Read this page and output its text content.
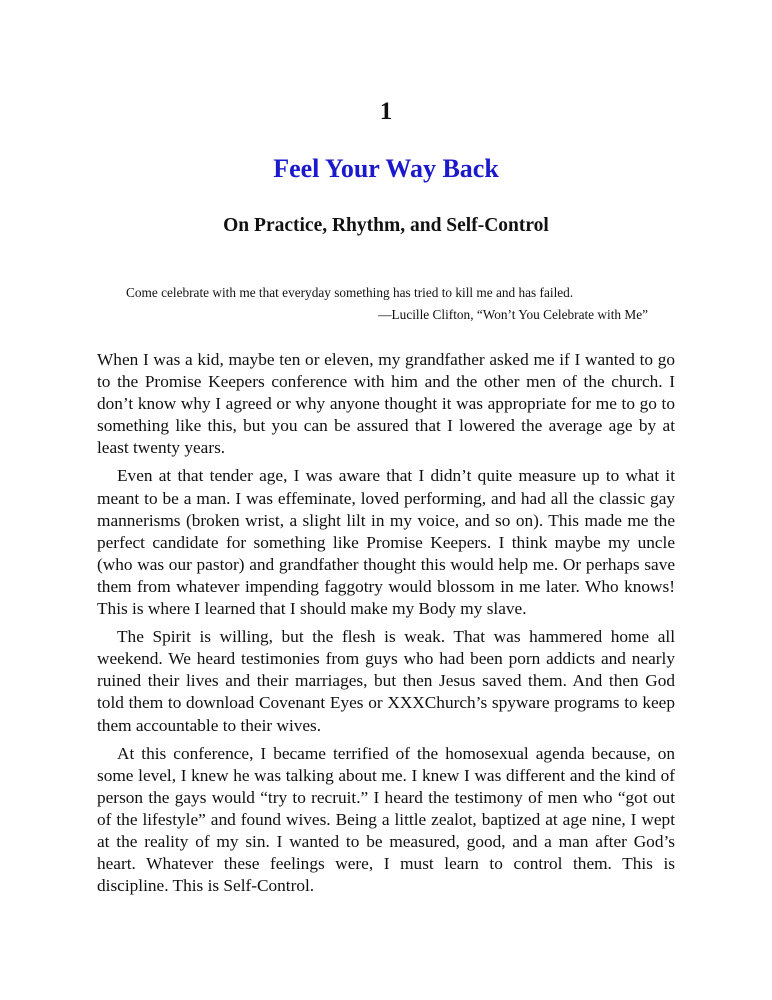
1
Feel Your Way Back
On Practice, Rhythm, and Self-Control

Come celebrate with me that everyday something has tried to kill me and has failed.

—Lucille Clifton, “Won’t You Celebrate with Me”

When I was a kid, maybe ten or eleven, my grandfather asked me if I wanted to go to the Promise Keepers conference with him and the other men of the church. I don’t know why I agreed or why anyone thought it was appropriate for me to go to something like this, but you can be assured that I lowered the average age by at least twenty years.

Even at that tender age, I was aware that I didn’t quite measure up to what it meant to be a man. I was effeminate, loved performing, and had all the classic gay mannerisms (broken wrist, a slight lilt in my voice, and so on). This made me the perfect candidate for something like Promise Keepers. I think maybe my uncle (who was our pastor) and grandfather thought this would help me. Or perhaps save them from whatever impending faggotry would blossom in me later. Who knows! This is where I learned that I should make my Body my slave.

The Spirit is willing, but the flesh is weak. That was hammered home all weekend. We heard testimonies from guys who had been porn addicts and nearly ruined their lives and their marriages, but then Jesus saved them. And then God told them to download Covenant Eyes or XXXChurch’s spyware programs to keep them accountable to their wives.

At this conference, I became terrified of the homosexual agenda because, on some level, I knew he was talking about me. I knew I was different and the kind of person the gays would “try to recruit.” I heard the testimony of men who “got out of the lifestyle” and found wives. Being a little zealot, baptized at age nine, I wept at the reality of my sin. I wanted to be measured, good, and a man after God’s heart. Whatever these feelings were, I must learn to control them. This is discipline. This is Self-Control.
